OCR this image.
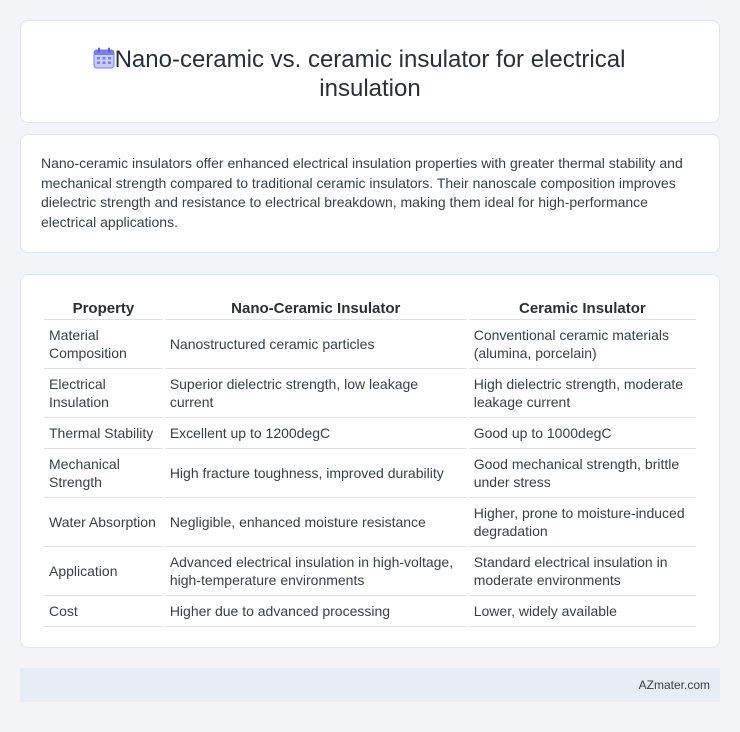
Nano-ceramic vs. ceramic insulator for electrical
insulation

Nano-ceramic insulators offer enhanced electrical insulation properties with greater thermal stability and mechanical strength compared to traditional ceramic insulators. Their nanoscale composition improves dielectric strength and resistance to electrical breakdown, making them ideal for high-performance electrical applications.

Property	Nano-Ceramic Insulator	Ceramic Insulator
Material Composition	Nanostructured ceramic particles	Conventional ceramic materials (alumina, porcelain)
Electrical Insulation	Superior dielectric strength, low leakage current	High dielectric strength, moderate leakage current
Thermal Stability	Excellent up to 1200degC	Good up to 1000degC
Mechanical Strength	High fracture toughness, improved durability	Good mechanical strength, brittle under stress
Water Absorption	Negligible, enhanced moisture resistance	Higher, prone to moisture-induced degradation
Application	Advanced electrical insulation in high-voltage, high-temperature environments	Standard electrical insulation in moderate environments
Cost	Higher due to advanced processing	Lower, widely available
AZmater.com
